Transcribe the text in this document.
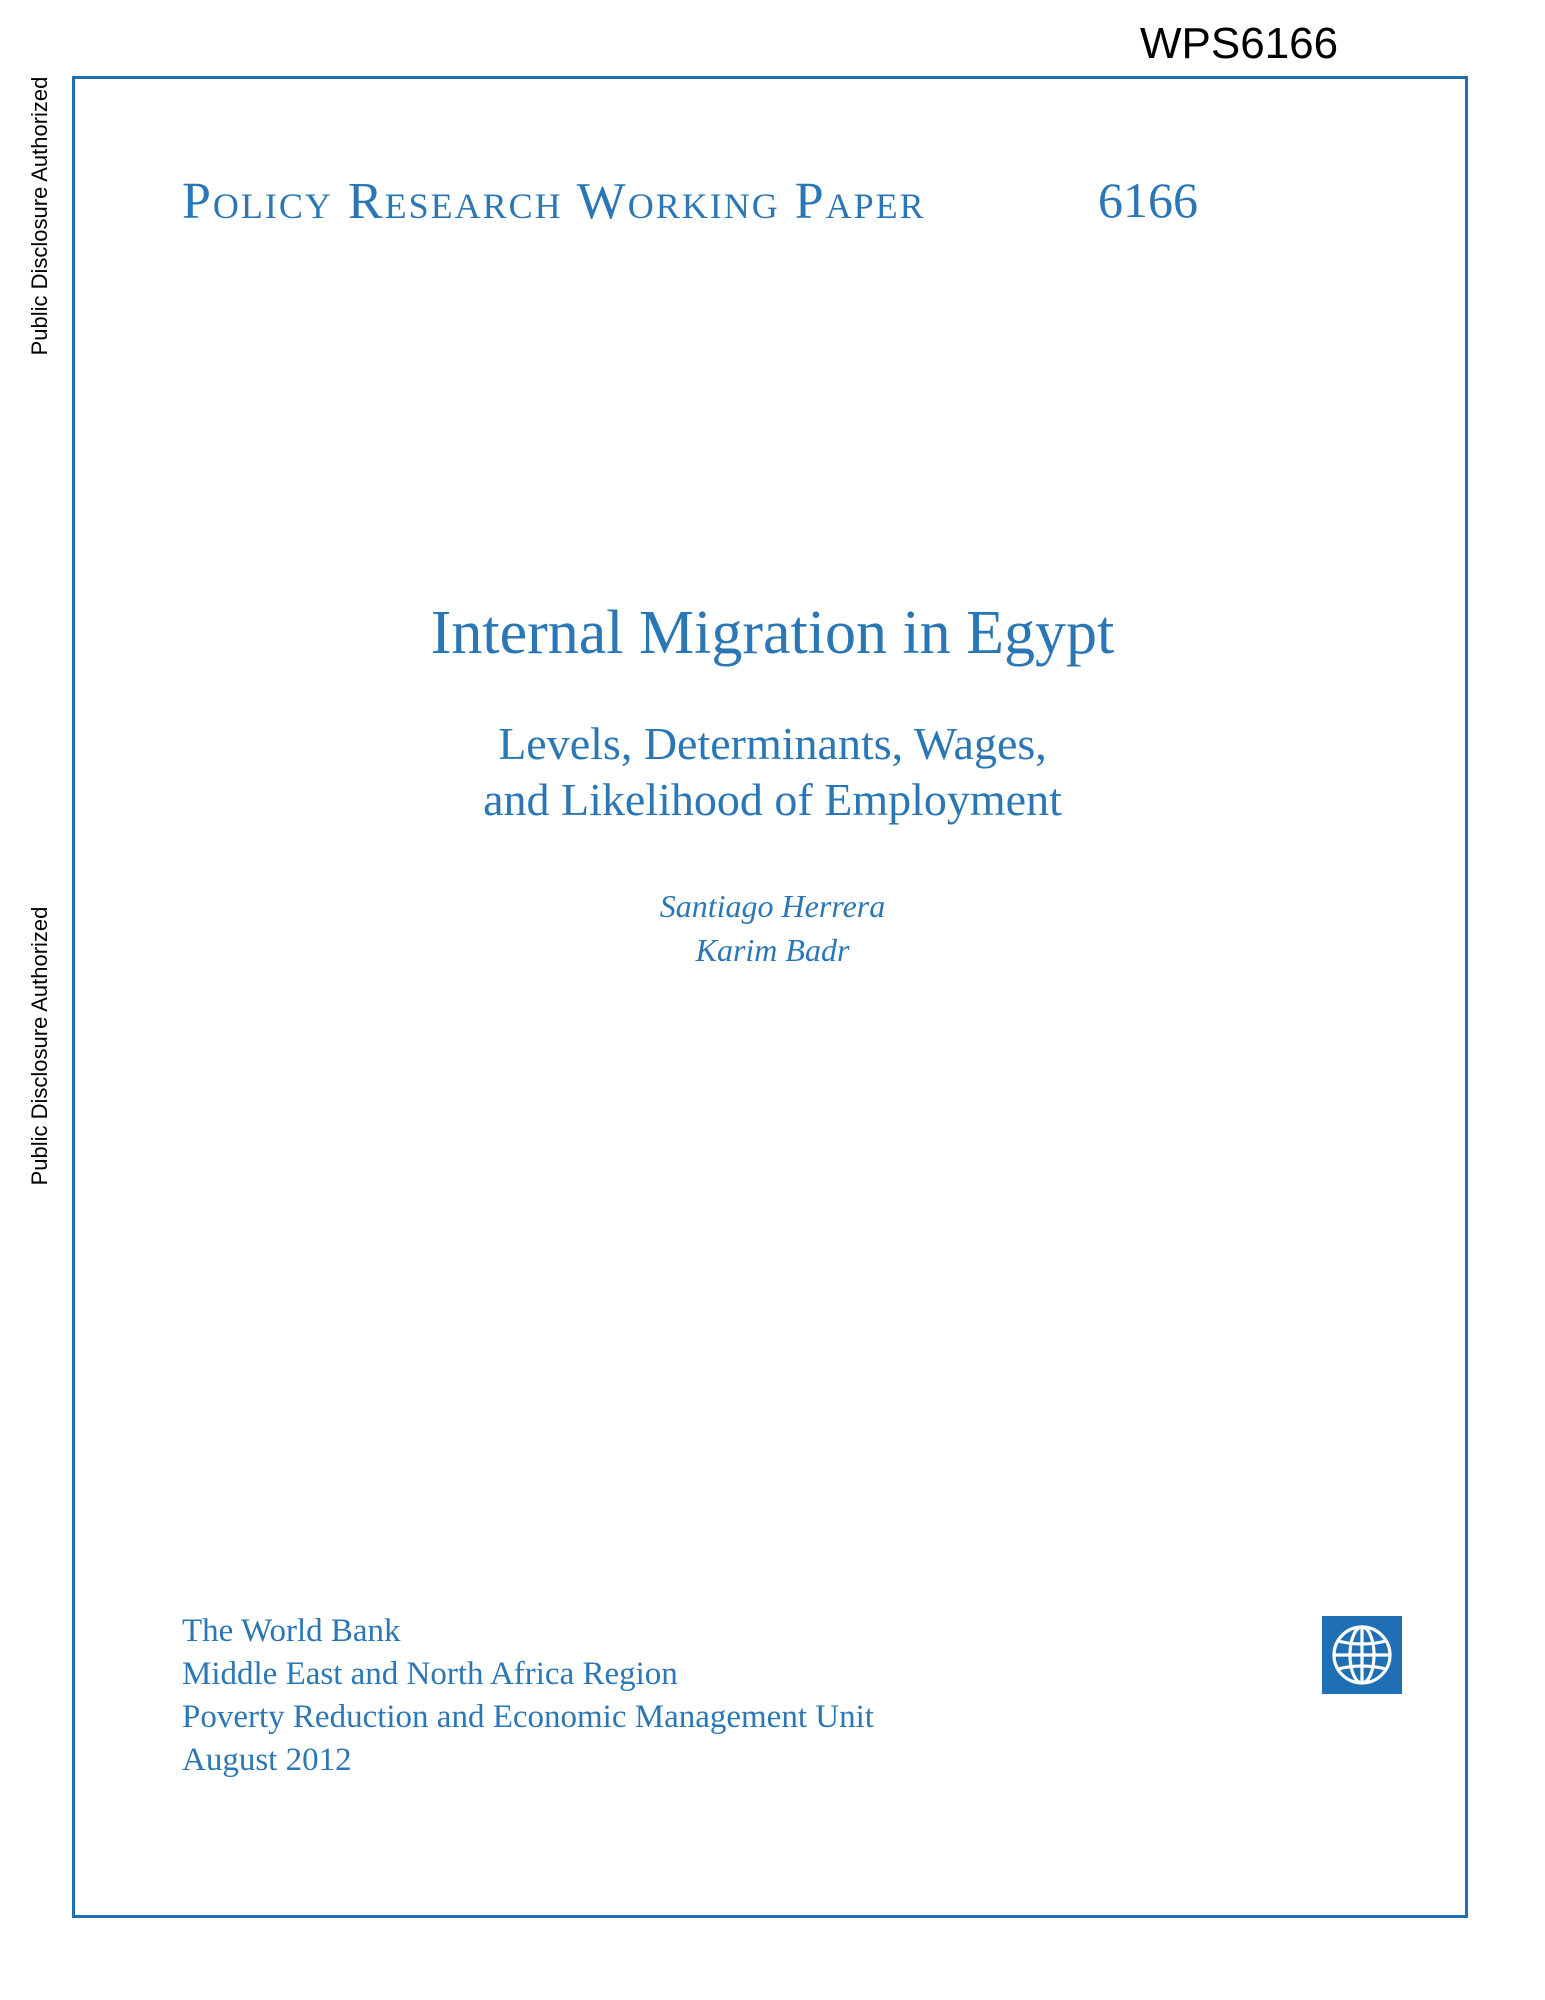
WPS6166
Public Disclosure Authorized
Public Disclosure Authorized
Policy Research Working Paper	6166
Internal Migration in Egypt
Levels, Determinants, Wages,
and Likelihood of Employment
Santiago Herrera
Karim Badr
The World Bank
Middle East and North Africa Region
Poverty Reduction and Economic Management Unit
August 2012
